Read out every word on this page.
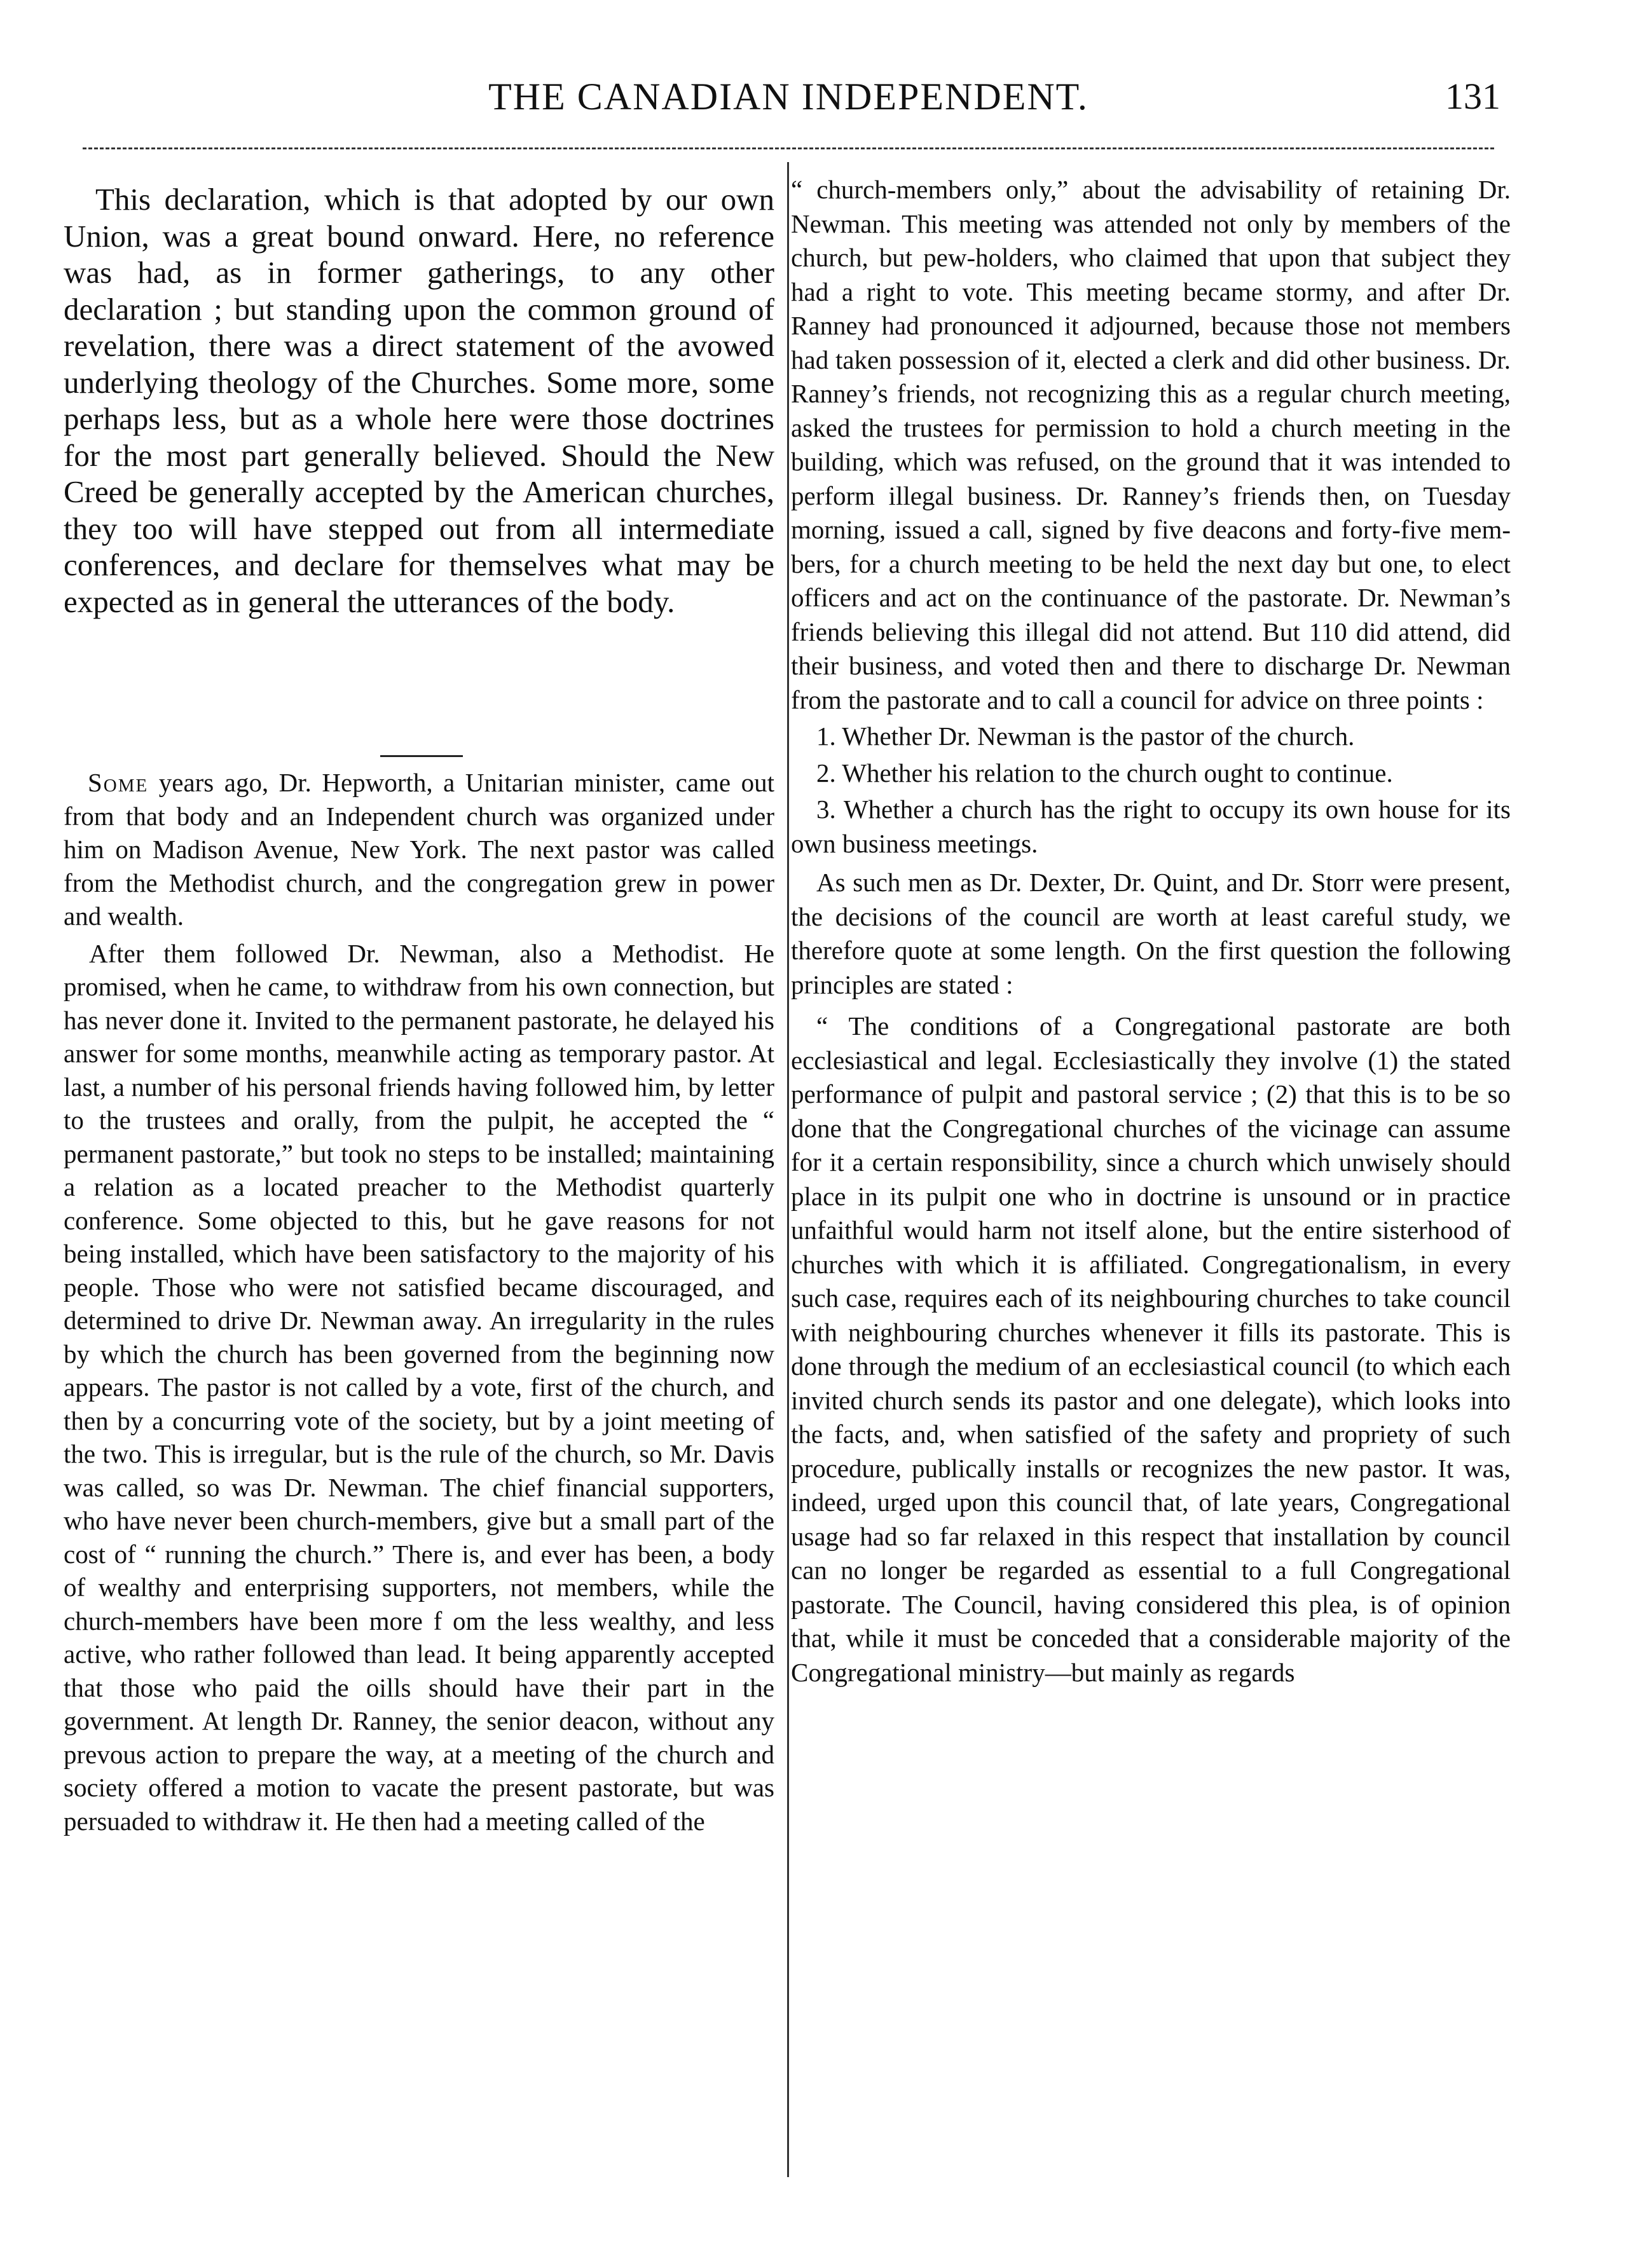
THE CANADIAN INDEPENDENT.	131

This declaration, which is that adopted by our own Union, was a great bound onward. Here, no reference was had, as in former gatherings, to any other declaration ; but standing upon the common ground of revelation, there was a direct statement of the avowed underlying theology of the Churches. Some more, some perhaps less, but as a whole here were those doctrines for the most part generally believed. Should the New Creed be generally accepted by the American churches, they too will have stepped out from all intermediate conferences, and declare for themselves what may be expected as in general the utterances of the body.

Some years ago, Dr. Hepworth, a Unitarian minister, came out from that body and an Independent church was organized under him on Madison Avenue, New York. The next pastor was called from the Methodist church, and the congregation grew in power and wealth.

After them followed Dr. Newman, also a Methodist. He promised, when he came, to withdraw from his own connection, but has never done it. Invited to the permanent pastorate, he delayed his answer for some months, meanwhile acting as temporary pastor. At last, a number of his personal friends having followed him, by letter to the trustees and orally, from the pulpit, he accepted the “ permanent pastorate,” but took no steps to be installed; maintaining a relation as a located preacher to the Methodist quarterly conference. Some objected to this, but he gave reasons for not being installed, which have been satisfactory to the majority of his people. Those who were not satisfied became discouraged, and determined to drive Dr. Newman away. An irregularity in the rules by which the church has been governed from the beginning now appears. The pastor is not called by a vote, first of the church, and then by a concurring vote of the society, but by a joint meeting of the two. This is irregular, but is the rule of the church, so Mr. Davis was called, so was Dr. Newman. The chief financial supporters, who have never been church-members, give but a small part of the cost of “ running the church.” There is, and ever has been, a body of wealthy and enterprising supporters, not members, while the church-members have been more f om the less wealthy, and less active, who rather followed than lead. It being apparently accepted that those who paid the oills should have their part in the government. At length Dr. Ranney, the senior deacon, without any prevous action to prepare the way, at a meeting of the church and society offered a motion to vacate the present pastorate, but was persuaded to withdraw it. He then had a meeting called of the

“ church-members only,” about the advisability of retaining Dr. Newman. This meeting was attended not only by members of the church, but pew-holders, who claimed that upon that subject they had a right to vote. This meeting became stormy, and after Dr. Ranney had pronounced it adjourned, because those not members had taken possession of it, elected a clerk and did other business. Dr. Ranney’s friends, not recognizing this as a regular church meeting, asked the trustees for permission to hold a church meeting in the building, which was refused, on the ground that it was intended to perform illegal business. Dr. Ranney’s friends then, on Tuesday morning, issued a call, signed by five deacons and forty-five members, for a church meeting to be held the next day but one, to elect officers and act on the continuance of the pastorate. Dr. Newman’s friends believing this illegal did not attend. But 110 did attend, did their business, and voted then and there to discharge Dr. Newman from the pastorate and to call a council for advice on three points :

1. Whether Dr. Newman is the pastor of the church.

2. Whether his relation to the church ought to continue.

3. Whether a church has the right to occupy its own house for its own business meetings.

As such men as Dr. Dexter, Dr. Quint, and Dr. Storr were present, the decisions of the council are worth at least careful study, we therefore quote at some length. On the first question the following principles are stated :

“ The conditions of a Congregational pastorate are both ecclesiastical and legal. Ecclesiastically they involve (1) the stated performance of pulpit and pastoral service ; (2) that this is to be so done that the Congregational churches of the vicinage can assume for it a certain responsibility, since a church which unwisely should place in its pulpit one who in doctrine is unsound or in practice unfaithful would harm not itself alone, but the entire sisterhood of churches with which it is affiliated. Congregationalism, in every such case, requires each of its neighbouring churches to take council with neighbouring churches whenever it fills its pastorate. This is done through the medium of an ecclesiastical council (to which each invited church sends its pastor and one delegate), which looks into the facts, and, when satisfied of the safety and propriety of such procedure, publically installs or recognizes the new pastor. It was, indeed, urged upon this council that, of late years, Congregational usage had so far relaxed in this respect that installation by council can no longer be regarded as essential to a full Congregational pastorate. The Council, having considered this plea, is of opinion that, while it must be conceded that a considerable majority of the Congregational ministry—but mainly as regards
